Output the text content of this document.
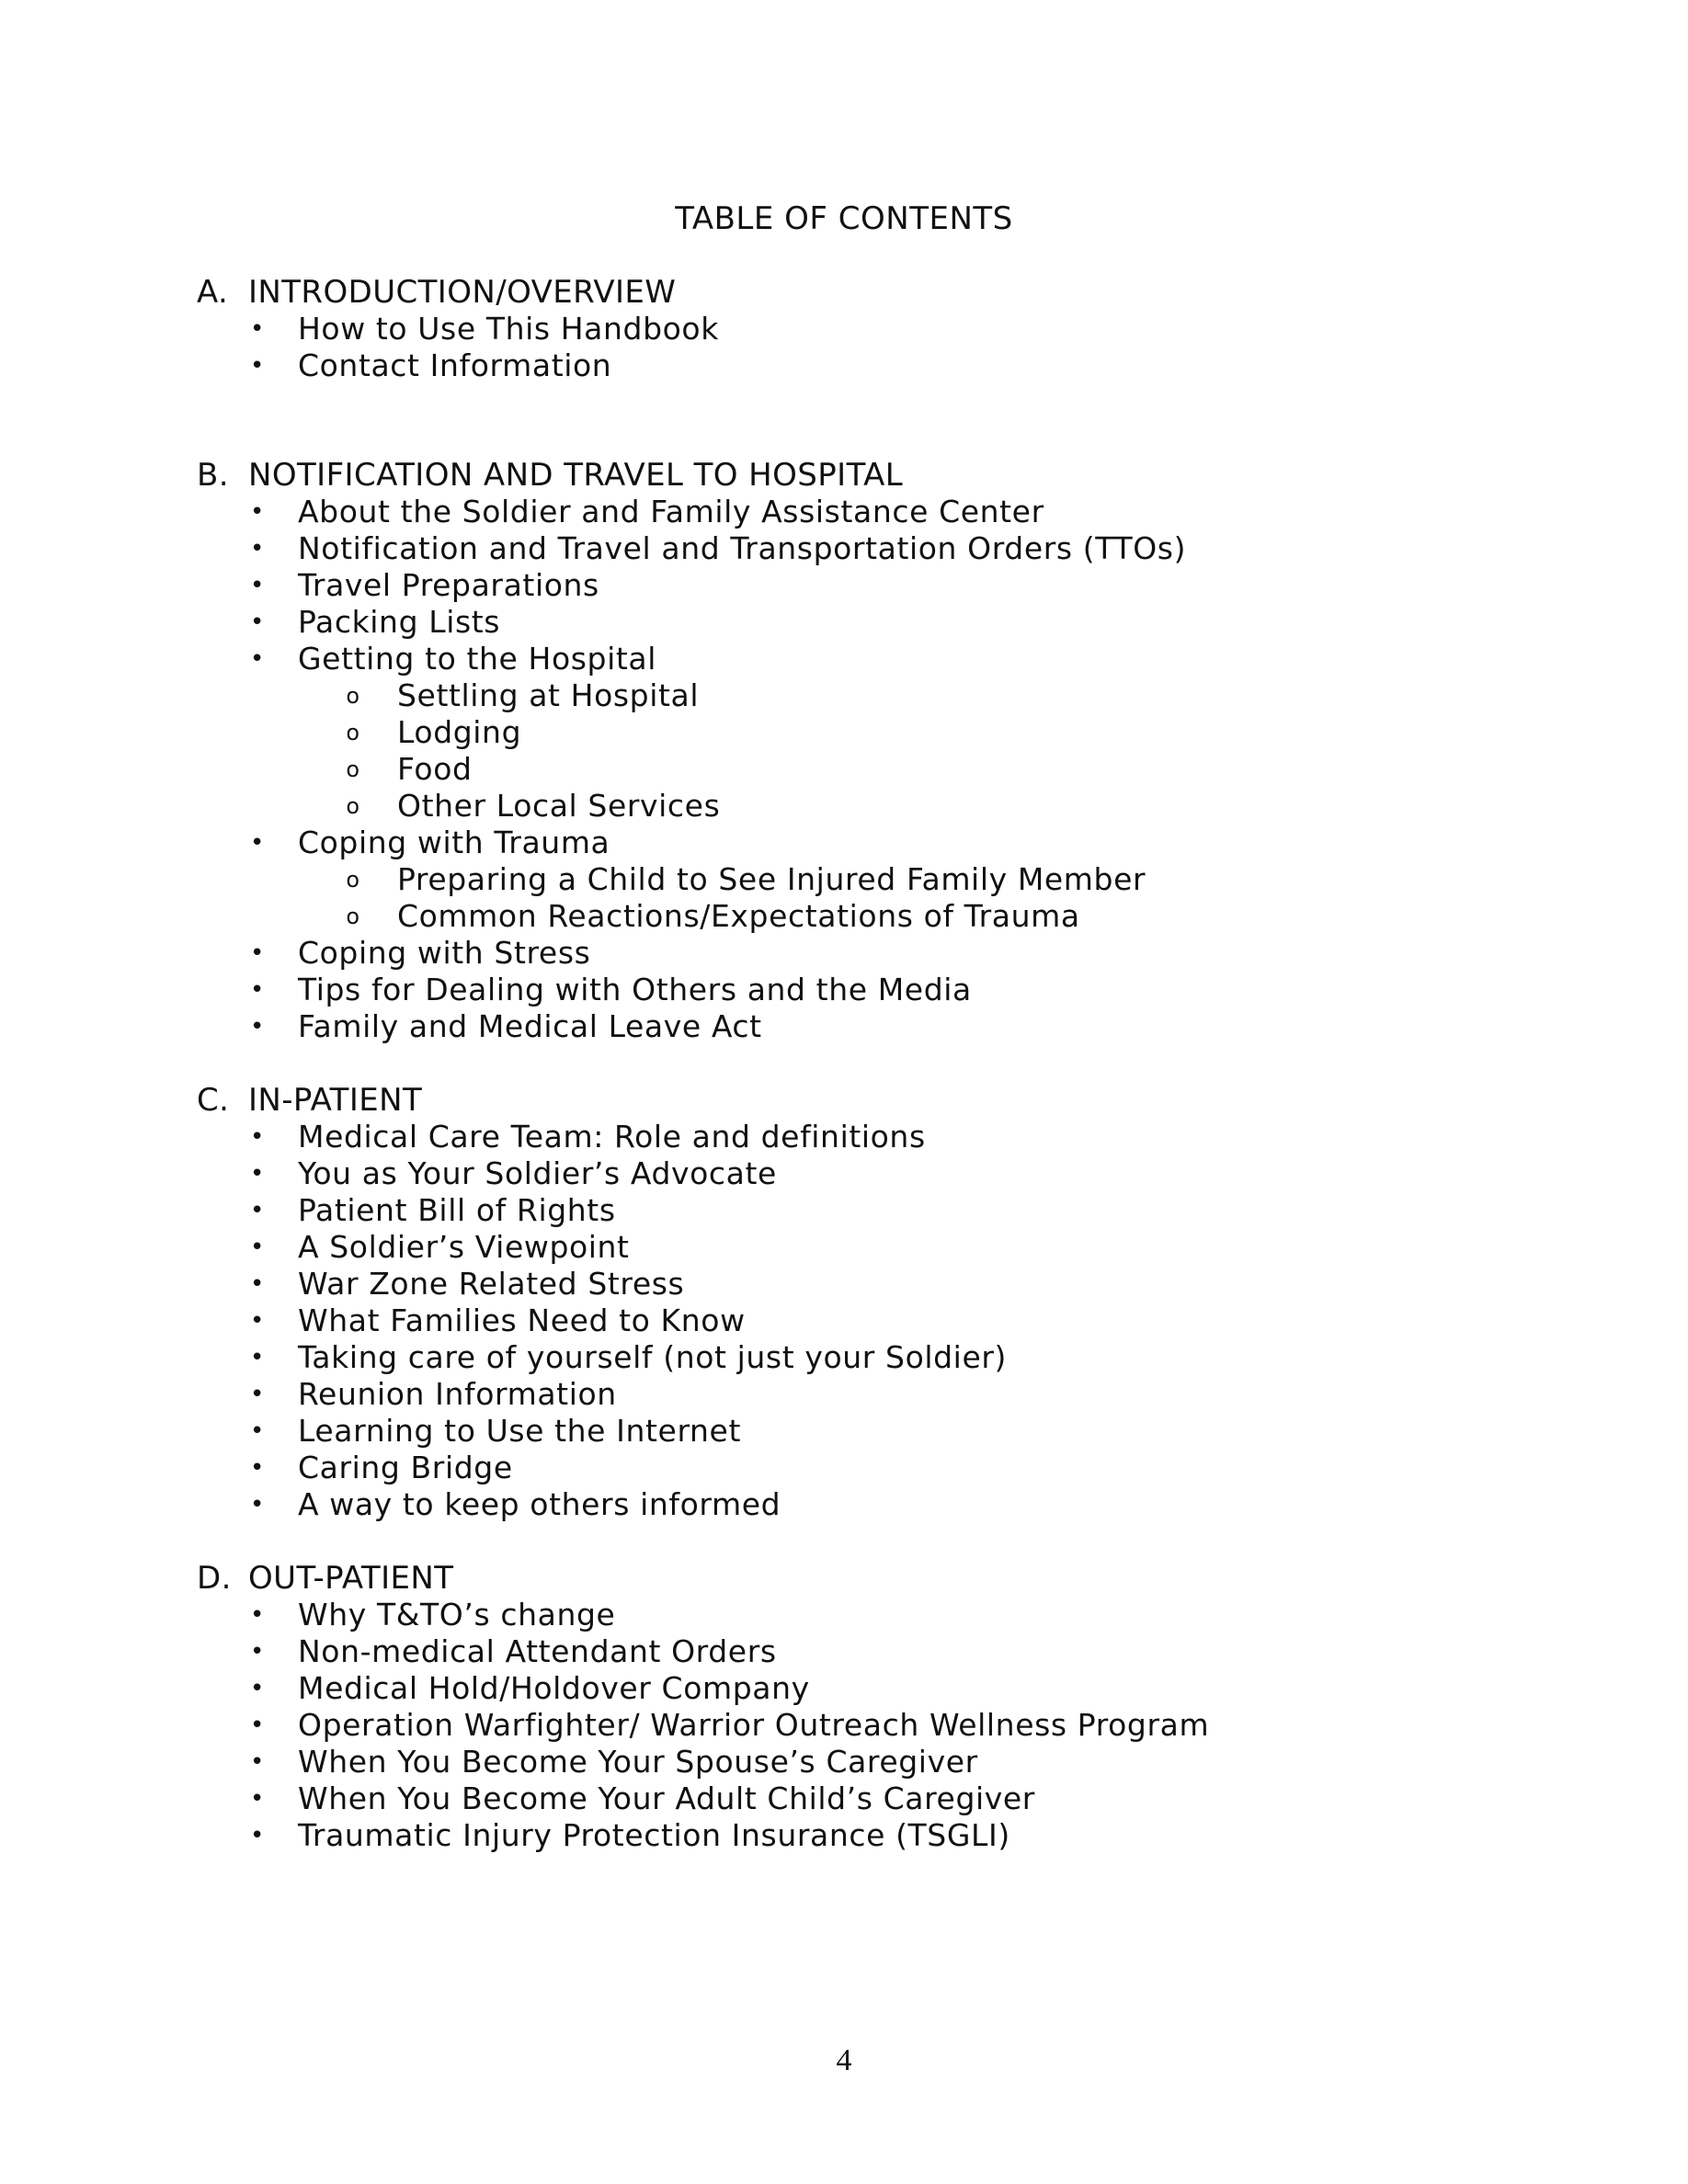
TABLE OF CONTENTS
A. INTRODUCTION/OVERVIEW
• How to Use This Handbook
• Contact Information
B. NOTIFICATION AND TRAVEL TO HOSPITAL
• About the Soldier and Family Assistance Center
• Notification and Travel and Transportation Orders (TTOs)
• Travel Preparations
• Packing Lists
• Getting to the Hospital
o Settling at Hospital
o Lodging
o Food
o Other Local Services
• Coping with Trauma
o Preparing a Child to See Injured Family Member
o Common Reactions/Expectations of Trauma
• Coping with Stress
• Tips for Dealing with Others and the Media
• Family and Medical Leave Act
C. IN-PATIENT
• Medical Care Team: Role and definitions
• You as Your Soldier’s Advocate
• Patient Bill of Rights
• A Soldier’s Viewpoint
• War Zone Related Stress
• What Families Need to Know
• Taking care of yourself (not just your Soldier)
• Reunion Information
• Learning to Use the Internet
• Caring Bridge
• A way to keep others informed
D. OUT-PATIENT
• Why T&TO’s change
• Non-medical Attendant Orders
• Medical Hold/Holdover Company
• Operation Warfighter/ Warrior Outreach Wellness Program
• When You Become Your Spouse’s Caregiver
• When You Become Your Adult Child’s Caregiver
• Traumatic Injury Protection Insurance (TSGLI)
4
